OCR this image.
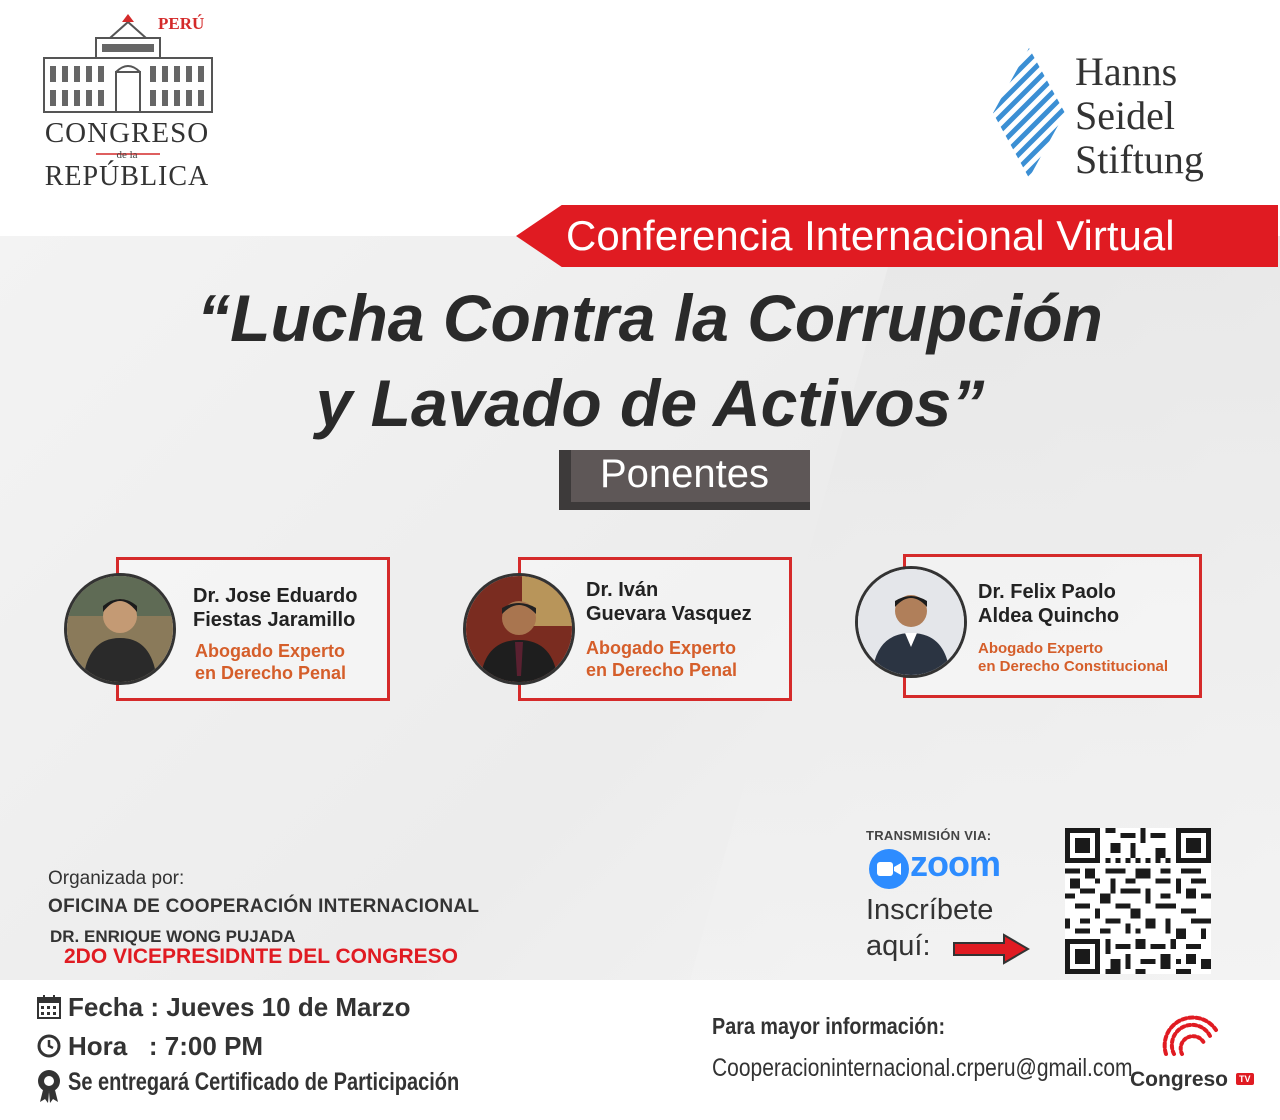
PERÚ
CONGRESO
de la
REPÚBLICA
Hanns
Seidel
Stiftung
Conferencia Internacional Virtual
“Lucha Contra la Corrupción
y Lavado de Activos”
Ponentes
Dr. Jose Eduardo
Fiestas Jaramillo
Abogado Experto
en Derecho Penal
Dr. Iván
Guevara Vasquez
Abogado Experto
en Derecho Penal
Dr. Felix Paolo
Aldea Quincho
Abogado Experto
en Derecho Constitucional
Organizada por:
OFICINA DE COOPERACIÓN INTERNACIONAL
DR. ENRIQUE WONG PUJADA
2DO VICEPRESIDNTE DEL CONGRESO
TRANSMISIÓN VIA:
zoom
Inscríbete
aquí:
Fecha : Jueves 10 de Marzo
Hora : 7:00 PM
Se entregará Certificado de Participación
Para mayor información:
Cooperacioninternacional.crperu@gmail.com
Congreso	TV
